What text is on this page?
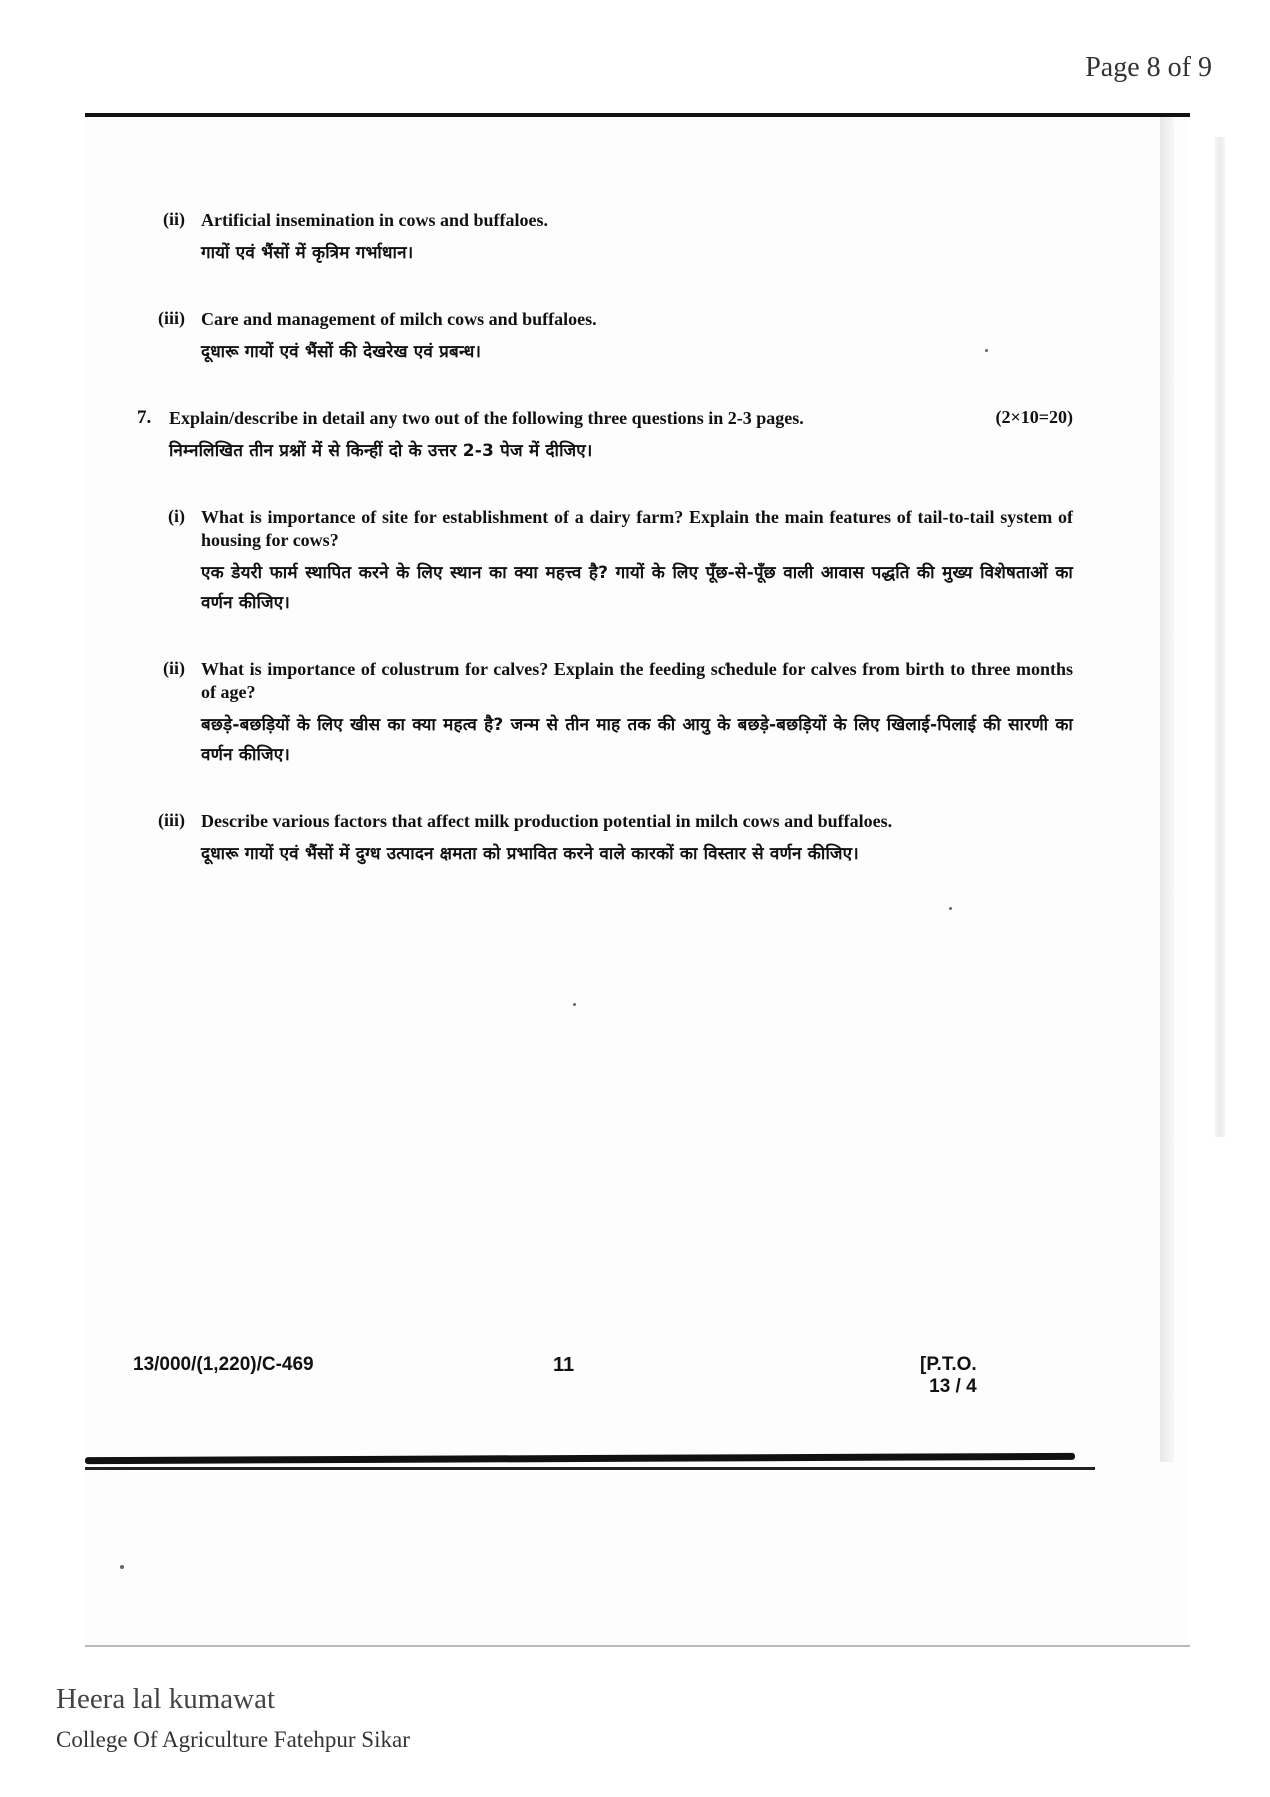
Page 8 of 9
(ii) Artificial insemination in cows and buffaloes.
गायों एवं भैंसों में कृत्रिम गर्भाधान।
(iii) Care and management of milch cows and buffaloes.
दूधारू गायों एवं भैंसों की देखरेख एवं प्रबन्ध।
7.	(2×10=20)
Explain/describe in detail any two out of the following three questions in 2-3 pages.
निम्नलिखित तीन प्रश्नों में से किन्हीं दो के उत्तर 2-3 पेज में दीजिए।
(i) What is importance of site for establishment of a dairy farm? Explain the main features of tail-to-tail system of housing for cows?
एक डेयरी फार्म स्थापित करने के लिए स्थान का क्या महत्त्व है? गायों के लिए पूँछ-से-पूँछ वाली आवास पद्धति की मुख्य विशेषताओं का वर्णन कीजिए।
(ii) What is importance of colustrum for calves? Explain the feeding schedule for calves from birth to three months of age?
बछड़े-बछड़ियों के लिए खीस का क्या महत्व है? जन्म से तीन माह तक की आयु के बछड़े-बछड़ियों के लिए खिलाई-पिलाई की सारणी का वर्णन कीजिए।
(iii) Describe various factors that affect milk production potential in milch cows and buffaloes.
दूधारू गायों एवं भैंसों में दुग्ध उत्पादन क्षमता को प्रभावित करने वाले कारकों का विस्तार से वर्णन कीजिए।
13/000/(1,220)/C-469	11	[P.T.O.
13 / 4
Heera lal kumawat
College Of Agriculture Fatehpur Sikar
